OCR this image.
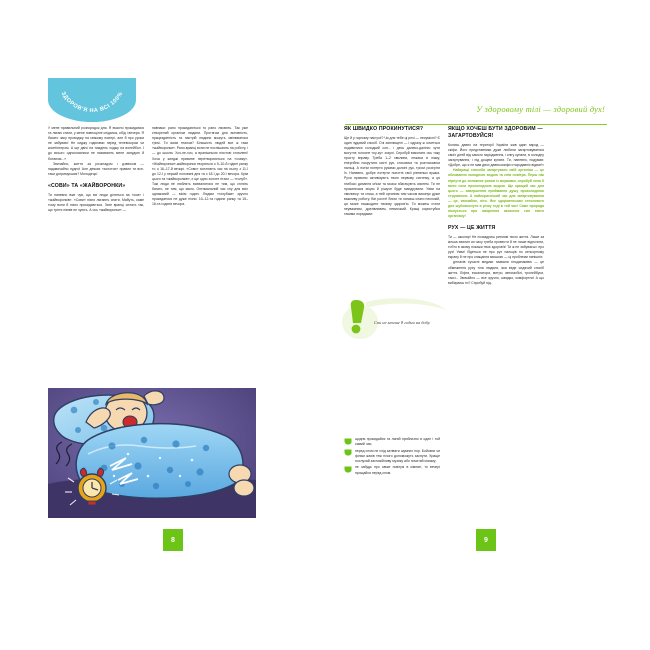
ЗДОРОВ'Я НА ВСІ 100%

У мене правильний розпорядок дня. Я вчасно прокидаюся та лягаю спати, у мене повноцінні сніданок, обід і вечеря. Я багато часу проводжу на свіжому повітрі, але й про уроки не забуваю! Не сиджу годинами перед телевізором чи комп'ютером. А ще двічі на тиждень ходжу на волейбол. І до всього однокласники не називають мене занудою й ботаном...»

Звичайно, життя за розкладом і дзвінком — надзвичайно нудно! Але деяких «золотих» правил ти все-таки дотримуєшся? Молодець!

«СОВИ» ТА «ЖАЙВОРОНКИ»

Ти напевно вже чув, що всі люди діляться на «сов» і «жайворонків». «Сови» пізно лягають спати. Мабуть, саме тому вони й пізно прокидаються. Зате вранці сплять так, що третя півнів не чують. А ось «жайворонки» —

навпаки: рано прокидаються то рано лягають. Так уже створений організм людини. Протягом дня активність, працездатність та настрій людини можуть змінюватися тричі. Ти яким птахом? Більшість людей все ж таки «жайворонки». Рано-вранці вони не поспішають на роботу, і — до школи. Хоч-не-хоч, а вранішньою піхотою стомлені! Хоча у кинджі приємне перетворюються на «совку». «Жайворонки»-жайворонки творяться о 9–10-й годині ранку то о 16–17-й вечорі. «Сови» хоплюють час на льоту з 11-ї до 12-ї у першій половині дня та з 18-ї до 20-ї вечора. Крім цього та «жайворонків», є ще одно золоте птахо — «голуб». Такі люди не люблять вихвалятися не тим, що сплять багато, не тим, що мало. Оптимальний час сну для всіх однаковий — вісім годин. Людям «голубам» зручно прокидатися не дуже пізно: 10–12-та години ранку та 15–18-та години вечора.

ЯК ШВИДКО ПРОКИНУТИСЯ?

Ще й у гарному настрої? Чи для тебе ці речі — несумісні? Є один чудовий спосіб. Очі заплющені — і одразу ж хочеться подивитися солодкий сон... і десь далеко-далеко чути могутнє голосне «ку-ку» зозулі. Спробуй виконати ось таку просту вправу. Треба 1–2 хвилини, лежачи в ліжку, енергійно покрутити кисті рук, стисаючи та розтискаючи пальці. А потім потерти руками долоні рук, трохи розігріти їх. Напевно, добре потерти полотні свої рівненькі вушка. Рухи приємно активізують твою нервову систему, а ця глибоко дихання м'язи та мозок збагачують киснем. Ти не прокинешся міцно й рішуче буде мандрувати. Уяви на хвилинку: ти спиш, а твій організм тим часом виконує дуже важливу роботу. Він росте! Вночі ти лягаєш спати неспокій, ця може нашкодити твоєму здоров'ю. Ти можеш стати неуважним, дратівливим, невисокий. Кращі користуйся такими порадами:

Спи не менше 8 годин на добу.
щодня прокидайся та лягай приблизно в один і той самий час;
перед сном не слід затівати шумних ігор. Бойових чи фільм жахів теж нічого допоможуть заснути. Краще послухай заспокійливу музику або почитай книжку;
не забудь про свіже повітря в кімнаті, то вечері прощайся перед сном.
У здоровому тілі — здоровий дух!
ЯКЩО ХОЧЕШ БУТИ ЗДОРОВИМ — ЗАГАРТОВУЙСЯ!

Колись давно на території України жив один народ — скіфи. Його представники дуже любили загартовуватися своїх дітей від самого народження, і снігу купали, в холодну загартування, і під дощем купати. Ти, напевно, подумав: «Добре, що я не мав двох давньоскіфи стародавніх відваг!»

Найкращі способи загартувати свій організм — це обливання холодною водою та спів повітря. Перш ніж пірнути до оплакних розом із моржами, спробуй хоча б мити ноги прохолодною водою. Ще кращий час для цього — завершення приймання душу прохолодною струминою. А найкорисніший час для загартовування — це, звичайно, літо. Яке здоровеньким стеклового дня шубовоснути в річку тоді в той час! Саме природа піклується про зміцнення захисних сил твого організму!

РУХ — ЦЕ ЖИТТЯ

Ти — школяр! Не позаздриш ритмові твого життя. Лише за кілька хвилин ки часу треба провести й не лише відпочити, тобто в якому покажи твоє здоров'я! Ти ж не забуваєш і про рух! Уяви! Йдеться не про рух пальців по сенсорному екрану й не про клацання мишкою — ці проблеми нинішніх

дітлахів сучасні медики назвали гіподинамією — це обмеження руху тіла людини, яка веде сидячий спосіб життя. Ліфти, ескалатори, метро, автомобілі, тролейбуси, таксі... Звичайно — все зручно, швидко, комфортно! А що вибираєш ти? Спробуй під-

8	9
